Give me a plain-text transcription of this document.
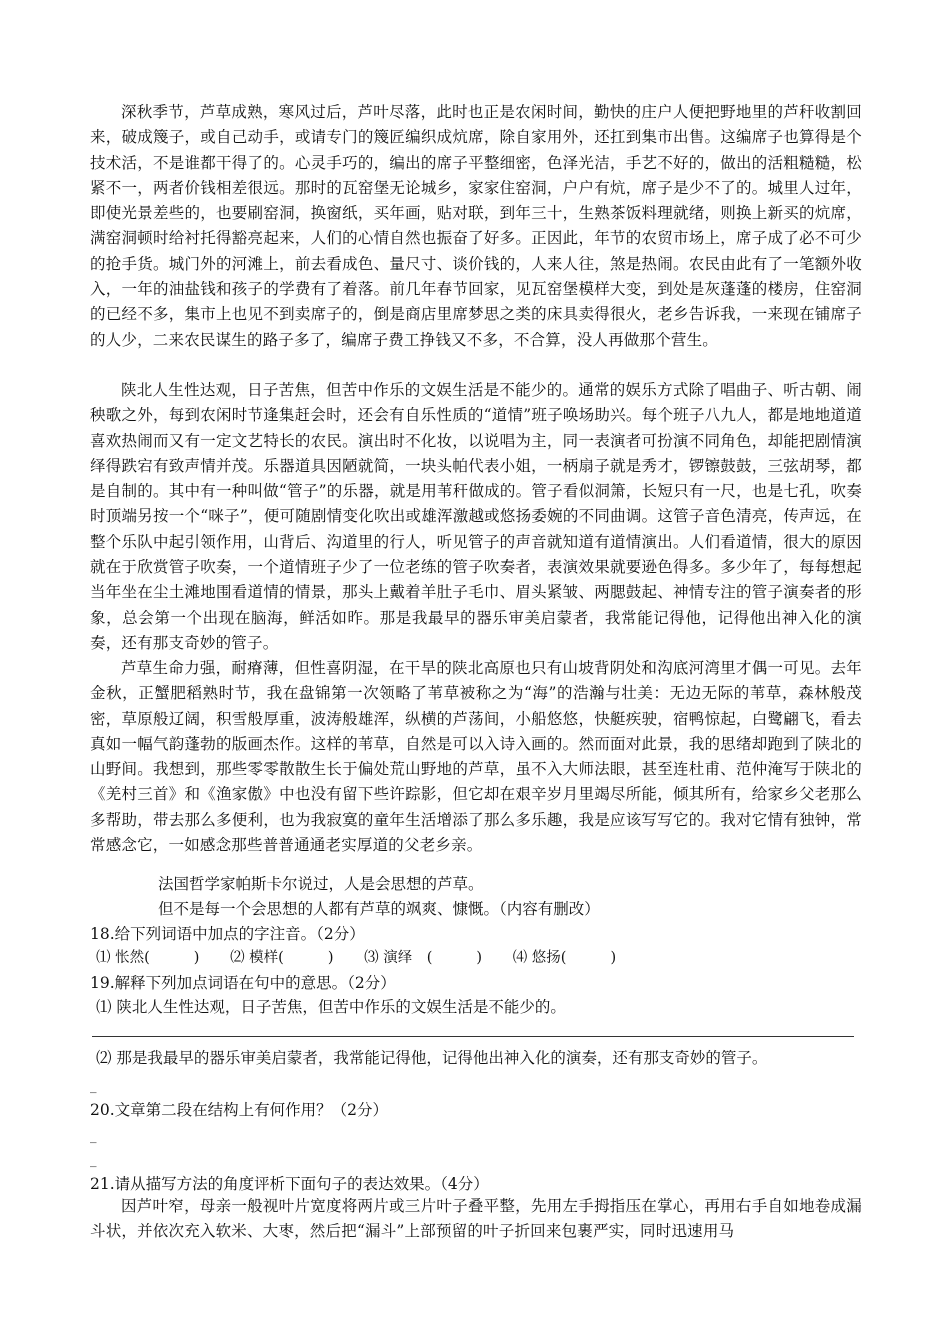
深秋季节，芦草成熟，寒风过后，芦叶尽落，此时也正是农闲时间，勤快的庄户人便把野地里的芦秆收割回来，破成篾子，或自己动手，或请专门的篾匠编织成炕席，除自家用外，还扛到集市出售。这编席子也算得是个技术活，不是谁都干得了的。心灵手巧的，编出的席子平整细密，色泽光洁，手艺不好的，做出的活粗糙糙，松紧不一，两者价钱相差很远。那时的瓦窑堡无论城乡，家家住窑洞，户户有炕，席子是少不了的。城里人过年，即使光景差些的，也要刷窑洞，换窗纸，买年画，贴对联，到年三十，生熟茶饭料理就绪，则换上新买的炕席，满窑洞顿时给衬托得豁亮起来，人们的心情自然也振奋了好多。正因此，年节的农贸市场上，席子成了必不可少的抢手货。城门外的河滩上，前去看成色、量尺寸、谈价钱的，人来人往，煞是热闹。农民由此有了一笔额外收入，一年的油盐钱和孩子的学费有了着落。前几年春节回家，见瓦窑堡模样大变，到处是灰蓬蓬的楼房，住窑洞的已经不多，集市上也见不到卖席子的，倒是商店里席梦思之类的床具卖得很火，老乡告诉我，一来现在铺席子的人少，二来农民谋生的路子多了，编席子费工挣钱又不多，不合算，没人再做那个营生。

陕北人生性达观，日子苦焦，但苦中作乐的文娱生活是不能少的。通常的娱乐方式除了唱曲子、听古朝、闹秧歌之外，每到农闲时节逢集赶会时，还会有自乐性质的“道情”班子唤场助兴。每个班子八九人，都是地地道道喜欢热闹而又有一定文艺特长的农民。演出时不化妆，以说唱为主，同一表演者可扮演不同角色，却能把剧情演绎得跌宕有致声情并茂。乐器道具因陋就简，一块头帕代表小姐，一柄扇子就是秀才，锣镲鼓鼓，三弦胡琴，都是自制的。其中有一种叫做“管子”的乐器，就是用苇秆做成的。管子看似洞箫，长短只有一尺，也是七孔，吹奏时顶端另按一个“咪子”，便可随剧情变化吹出或雄浑激越或悠扬委婉的不同曲调。这管子音色清亮，传声远，在整个乐队中起引领作用，山背后、沟道里的行人，听见管子的声音就知道有道情演出。人们看道情，很大的原因就在于欣赏管子吹奏，一个道情班子少了一位老练的管子吹奏者，表演效果就要逊色得多。多少年了，每每想起当年坐在尘土滩地围看道情的情景，那头上戴着羊肚子毛巾、眉头紧皱、两腮鼓起、神情专注的管子演奏者的形象，总会第一个出现在脑海，鲜活如昨。那是我最早的器乐审美启蒙者，我常能记得他，记得他出神入化的演奏，还有那支奇妙的管子。

芦草生命力强，耐瘠薄，但性喜阴湿，在干旱的陕北高原也只有山坡背阴处和沟底河湾里才偶一可见。去年金秋，正蟹肥稻熟时节，我在盘锦第一次领略了苇草被称之为“海”的浩瀚与壮美：无边无际的苇草，森林般茂密，草原般辽阔，积雪般厚重，波涛般雄浑，纵横的芦荡间，小船悠悠，快艇疾驶，宿鸭惊起，白鹭翩飞，看去真如一幅气韵蓬勃的版画杰作。这样的苇草，自然是可以入诗入画的。然而面对此景，我的思绪却跑到了陕北的山野间。我想到，那些零零散散生长于偏处荒山野地的芦草，虽不入大师法眼，甚至连杜甫、范仲淹写于陕北的《羌村三首》和《渔家傲》中也没有留下些许踪影，但它却在艰辛岁月里竭尽所能，倾其所有，给家乡父老那么多帮助，带去那么多便利，也为我寂寞的童年生活增添了那么多乐趣，我是应该写写它的。我对它情有独钟，常常感念它，一如感念那些普普通通老实厚道的父老乡亲。

法国哲学家帕斯卡尔说过，人是会思想的芦草。

但不是每一个会思想的人都有芦草的飒爽、慷慨。（内容有删改）

18.给下列词语中加点的字注音。（2分）

⑴ 怅然(	) ⑵ 模样(	) ⑶ 演绎　(	) ⑷ 悠扬(	)

19.解释下列加点词语在句中的意思。（2分）

⑴ 陕北人生性达观，日子苦焦，但苦中作乐的文娱生活是不能少的。

⑵ 那是我最早的器乐审美启蒙者，我常能记得他，记得他出神入化的演奏，还有那支奇妙的管子。

_

20.文章第二段在结构上有何作用？（2分）

_
_

21.请从描写方法的角度评析下面句子的表达效果。（4分）

因芦叶窄，母亲一般视叶片宽度将两片或三片叶子叠平整，先用左手拇指压在掌心，再用右手自如地卷成漏斗状，并依次充入软米、大枣，然后把“漏斗”上部预留的叶子折回来包裹严实，同时迅速用马
